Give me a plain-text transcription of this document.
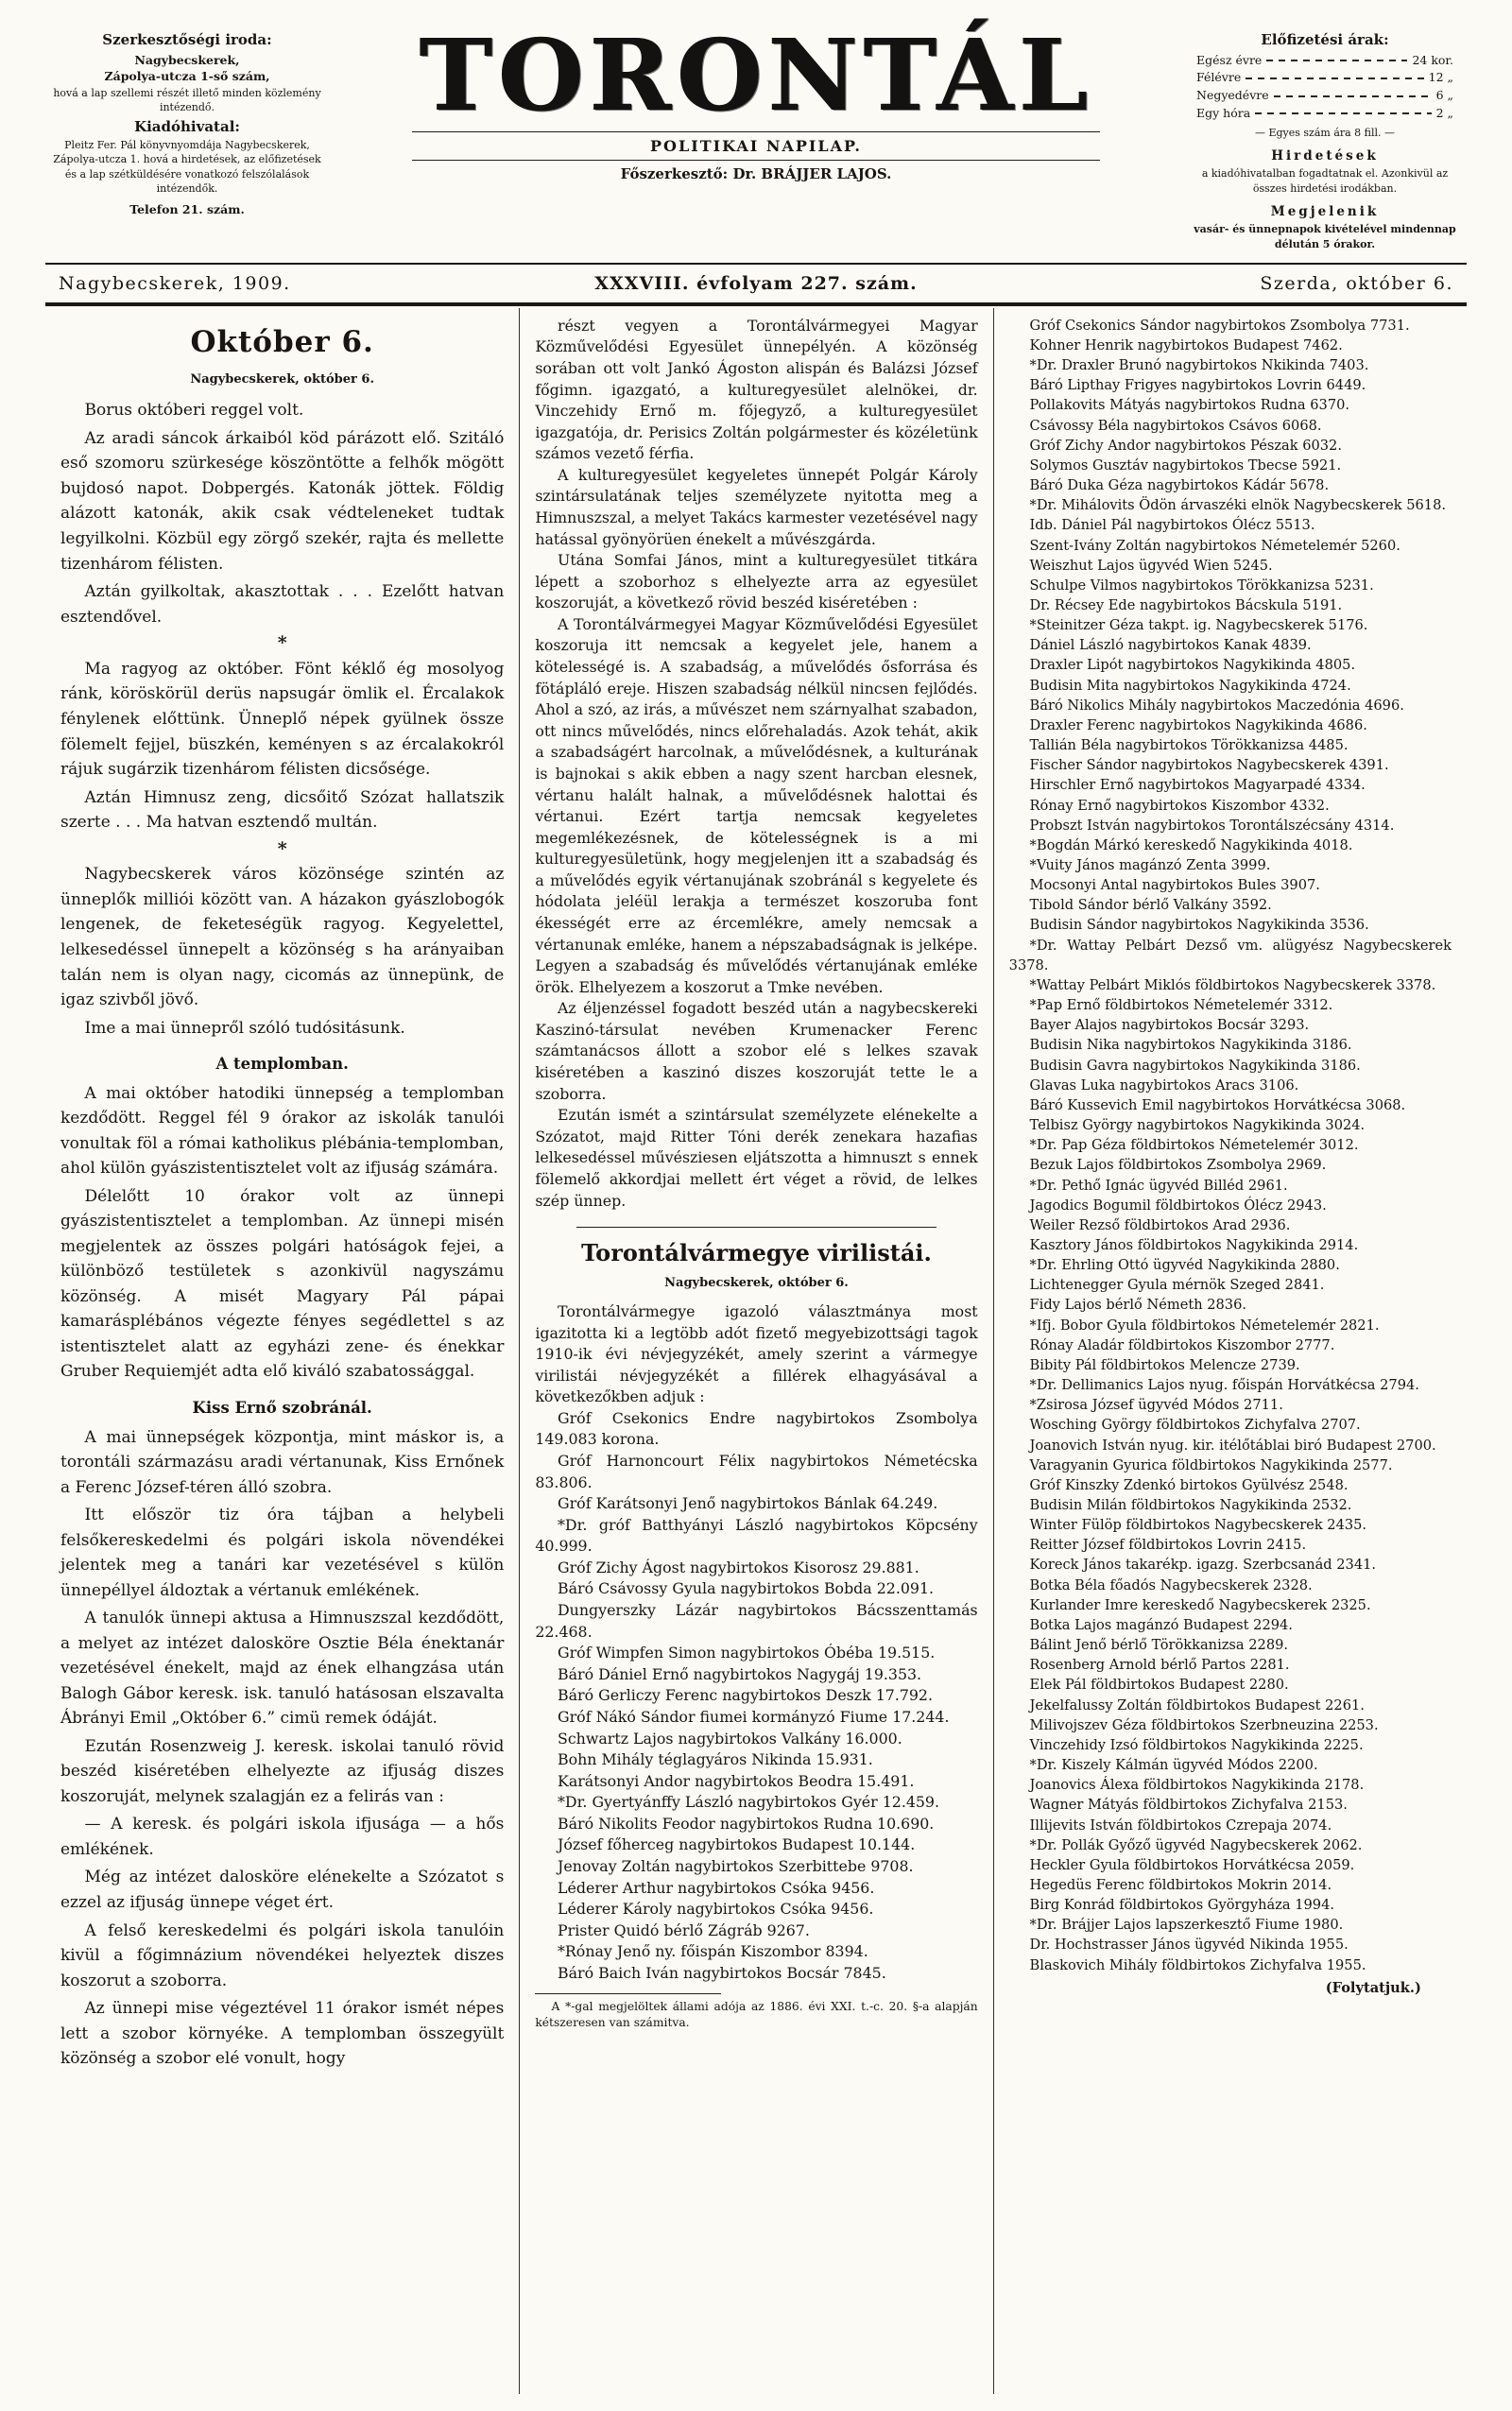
Szerkesztőségi iroda:
Nagybecskerek,
Zápolya-utcza 1-ső szám,
hová a lap szellemi részét illető minden közlemény intézendő.
Kiadóhivatal:
Pleitz Fer. Pál könyvnyomdája Nagybecskerek, Zápolya-utcza 1. hová a hirdetések, az előfizetések és a lap szétküldésére vonatkozó felszólalások intézendők.
Telefon 21. szám.
TORONTÁL
POLITIKAI NAPILAP.
Főszerkesztő: Dr. BRÁJJER LAJOS.
Előfizetési árak:
Egész évre	24 kor.
Félévre	12 „
Negyedévre	6 „
Egy hóra	2 „
— Egyes szám ára 8 fill. —
Hirdetések
a kiadóhivatalban fogadtatnak el. Azonkivül az összes hirdetési irodákban.
Megjelenik
vasár- és ünnepnapok kivételével mindennap délután 5 órakor.
Nagybecskerek, 1909.	XXXVIII. évfolyam 227. szám.	Szerda, október 6.
Október 6.
Nagybecskerek, október 6.

Borus októberi reggel volt.

Az aradi sáncok árkaiból köd párázott elő. Szitáló eső szomoru szürkesége köszöntötte a felhők mögött bujdosó napot. Dobpergés. Katonák jöttek. Földig alázott katonák, akik csak védteleneket tudtak legyilkolni. Közbül egy zörgő szekér, rajta és mellette tizenhárom félisten.

Aztán gyilkoltak, akasztottak . . . Ezelőtt hatvan esztendővel.

*

Ma ragyog az október. Fönt kéklő ég mosolyog ránk, köröskörül derüs napsugár ömlik el. Ércalakok fénylenek előttünk. Ünneplő népek gyülnek össze fölemelt fejjel, büszkén, keményen s az ércalakokról rájuk sugárzik tizenhárom félisten dicsősége.

Aztán Himnusz zeng, dicsőitő Szózat hallatszik szerte . . . Ma hatvan esztendő multán.

*

Nagybecskerek város közönsége szintén az ünneplők milliói között van. A házakon gyászlobogók lengenek, de feketeségük ragyog. Kegyelettel, lelkesedéssel ünnepelt a közönség s ha arányaiban talán nem is olyan nagy, cicomás az ünnepünk, de igaz szivből jövő.

Ime a mai ünnepről szóló tudósitásunk.

A templomban.

A mai október hatodiki ünnepség a templomban kezdődött. Reggel fél 9 órakor az iskolák tanulói vonultak föl a római katholikus plébánia-templomban, ahol külön gyászistentisztelet volt az ifjuság számára.

Délelőtt 10 órakor volt az ünnepi gyászistentisztelet a templomban. Az ünnepi misén megjelentek az összes polgári hatóságok fejei, a különböző testületek s azonkivül nagyszámu közönség. A misét Magyary Pál pápai kamarásplébános végezte fényes segédlettel s az istentisztelet alatt az egyházi zene- és énekkar Gruber Requiemjét adta elő kiváló szabatossággal.

Kiss Ernő szobránál.

A mai ünnepségek központja, mint máskor is, a torontáli származásu aradi vértanunak, Kiss Ernőnek a Ferenc József-téren álló szobra.

Itt először tiz óra tájban a helybeli felsőkereskedelmi és polgári iskola növendékei jelentek meg a tanári kar vezetésével s külön ünnepéllyel áldoztak a vértanuk emlékének.

A tanulók ünnepi aktusa a Himnuszszal kezdődött, a melyet az intézet dalosköre Osztie Béla énektanár vezetésével énekelt, majd az ének elhangzása után Balogh Gábor keresk. isk. tanuló hatásosan elszavalta Ábrányi Emil „Október 6.” cimü remek ódáját.

Ezután Rosenzweig J. keresk. iskolai tanuló rövid beszéd kiséretében elhelyezte az ifjuság diszes koszoruját, melynek szalagján ez a felirás van :

— A keresk. és polgári iskola ifjusága — a hős emlékének.

Még az intézet dalosköre elénekelte a Szózatot s ezzel az ifjuság ünnepe véget ért.

A felső kereskedelmi és polgári iskola tanulóin kivül a főgimnázium növendékei helyeztek diszes koszorut a szoborra.

Az ünnepi mise végeztével 11 órakor ismét népes lett a szobor környéke. A templomban összegyült közönség a szobor elé vonult, hogy

részt vegyen a Torontálvármegyei Magyar Közművelődési Egyesület ünnepélyén. A közönség sorában ott volt Jankó Ágoston alispán és Balázsi József főgimn. igazgató, a kulturegyesület alelnökei, dr. Vinczehidy Ernő m. főjegyző, a kulturegyesület igazgatója, dr. Perisics Zoltán polgármester és közéletünk számos vezető férfia.

A kulturegyesület kegyeletes ünnepét Polgár Károly szintársulatának teljes személyzete nyitotta meg a Himnuszszal, a melyet Takács karmester vezetésével nagy hatással gyönyörüen énekelt a művészgárda.

Utána Somfai János, mint a kulturegyesület titkára lépett a szoborhoz s elhelyezte arra az egyesület koszoruját, a következő rövid beszéd kiséretében :

A Torontálvármegyei Magyar Közművelődési Egyesület koszoruja itt nemcsak a kegyelet jele, hanem a kötelességé is. A szabadság, a művelődés ősforrása és fötápláló ereje. Hiszen szabadság nélkül nincsen fejlődés. Ahol a szó, az irás, a művészet nem szárnyalhat szabadon, ott nincs művelődés, nincs előrehaladás. Azok tehát, akik a szabadságért harcolnak, a művelődésnek, a kulturának is bajnokai s akik ebben a nagy szent harcban elesnek, vértanu halált halnak, a művelődésnek halottai és vértanui. Ezért tartja nemcsak kegyeletes megemlékezésnek, de kötelességnek is a mi kulturegyesületünk, hogy megjelenjen itt a szabadság és a művelődés egyik vértanujának szobránál s kegyelete és hódolata jeléül lerakja a természet koszoruba font ékességét erre az ércemlékre, amely nemcsak a vértanunak emléke, hanem a népszabadságnak is jelképe. Legyen a szabadság és művelődés vértanujának emléke örök. Elhelyezem a koszorut a Tmke nevében.

Az éljenzéssel fogadott beszéd után a nagybecskereki Kaszinó-társulat nevében Krumenacker Ferenc számtanácsos állott a szobor elé s lelkes szavak kiséretében a kaszinó diszes koszoruját tette le a szoborra.

Ezután ismét a szintársulat személyzete elénekelte a Szózatot, majd Ritter Tóni derék zenekara hazafias lelkesedéssel művésziesen eljátszotta a himnuszt s ennek fölemelő akkordjai mellett ért véget a rövid, de lelkes szép ünnep.

Torontálvármegye virilistái.
Nagybecskerek, október 6.

Torontálvármegye igazoló választmánya most igazitotta ki a legtöbb adót fizető megyebizottsági tagok 1910-ik évi névjegyzékét, amely szerint a vármegye virilistái névjegyzékét a fillérek elhagyásával a következőkben adjuk :

Gróf Csekonics Endre nagybirtokos Zsombolya 149.083 korona.

Gróf Harnoncourt Félix nagybirtokos Németécska 83.806.

Gróf Karátsonyi Jenő nagybirtokos Bánlak 64.249.

*Dr. gróf Batthyányi László nagybirtokos Köpcsény 40.999.

Gróf Zichy Ágost nagybirtokos Kisorosz 29.881.

Báró Csávossy Gyula nagybirtokos Bobda 22.091.

Dungyerszky Lázár nagybirtokos Bácsszenttamás 22.468.

Gróf Wimpfen Simon nagybirtokos Óbéba 19.515.

Báró Dániel Ernő nagybirtokos Nagygáj 19.353.

Báró Gerliczy Ferenc nagybirtokos Deszk 17.792.

Gróf Nákó Sándor fiumei kormányzó Fiume 17.244.

Schwartz Lajos nagybirtokos Valkány 16.000.

Bohn Mihály téglagyáros Nikinda 15.931.

Karátsonyi Andor nagybirtokos Beodra 15.491.

*Dr. Gyertyánffy László nagybirtokos Gyér 12.459.

Báró Nikolits Feodor nagybirtokos Rudna 10.690.

József főherceg nagybirtokos Budapest 10.144.

Jenovay Zoltán nagybirtokos Szerbittebe 9708.

Léderer Arthur nagybirtokos Csóka 9456.

Léderer Károly nagybirtokos Csóka 9456.

Prister Quidó bérlő Zágráb 9267.

*Rónay Jenő ny. főispán Kiszombor 8394.

Báró Baich Iván nagybirtokos Bocsár 7845.

A *-gal megjelöltek állami adója az 1886. évi XXI. t.-c. 20. §-a alapján kétszeresen van számitva.

Gróf Csekonics Sándor nagybirtokos Zsombolya 7731.

Kohner Henrik nagybirtokos Budapest 7462.

*Dr. Draxler Brunó nagybirtokos Nkikinda 7403.

Báró Lipthay Frigyes nagybirtokos Lovrin 6449.

Pollakovits Mátyás nagybirtokos Rudna 6370.

Csávossy Béla nagybirtokos Csávos 6068.

Gróf Zichy Andor nagybirtokos Pészak 6032.

Solymos Gusztáv nagybirtokos Tbecse 5921.

Báró Duka Géza nagybirtokos Kádár 5678.

*Dr. Mihálovits Ödön árvaszéki elnök Nagybecskerek 5618.

Idb. Dániel Pál nagybirtokos Ólécz 5513.

Szent-Ivány Zoltán nagybirtokos Németelemér 5260.

Weiszhut Lajos ügyvéd Wien 5245.

Schulpe Vilmos nagybirtokos Törökkanizsa 5231.

Dr. Récsey Ede nagybirtokos Bácskula 5191.

*Steinitzer Géza takpt. ig. Nagybecskerek 5176.

Dániel László nagybirtokos Kanak 4839.

Draxler Lipót nagybirtokos Nagykikinda 4805.

Budisin Mita nagybirtokos Nagykikinda 4724.

Báró Nikolics Mihály nagybirtokos Maczedónia 4696.

Draxler Ferenc nagybirtokos Nagykikinda 4686.

Tallián Béla nagybirtokos Törökkanizsa 4485.

Fischer Sándor nagybirtokos Nagybecskerek 4391.

Hirschler Ernő nagybirtokos Magyarpadé 4334.

Rónay Ernő nagybirtokos Kiszombor 4332.

Probszt István nagybirtokos Torontálszécsány 4314.

*Bogdán Márkó kereskedő Nagykikinda 4018.

*Vuity János magánzó Zenta 3999.

Mocsonyi Antal nagybirtokos Bules 3907.

Tibold Sándor bérlő Valkány 3592.

Budisin Sándor nagybirtokos Nagykikinda 3536.

*Dr. Wattay Pelbárt Dezső vm. alügyész Nagybecskerek 3378.

*Wattay Pelbárt Miklós földbirtokos Nagybecskerek 3378.

*Pap Ernő földbirtokos Németelemér 3312.

Bayer Alajos nagybirtokos Bocsár 3293.

Budisin Nika nagybirtokos Nagykikinda 3186.

Budisin Gavra nagybirtokos Nagykikinda 3186.

Glavas Luka nagybirtokos Aracs 3106.

Báró Kussevich Emil nagybirtokos Horvátkécsa 3068.

Telbisz György nagybirtokos Nagykikinda 3024.

*Dr. Pap Géza földbirtokos Németelemér 3012.

Bezuk Lajos földbirtokos Zsombolya 2969.

*Dr. Pethő Ignác ügyvéd Billéd 2961.

Jagodics Bogumil földbirtokos Ólécz 2943.

Weiler Rezső földbirtokos Arad 2936.

Kasztory János földbirtokos Nagykikinda 2914.

*Dr. Ehrling Ottó ügyvéd Nagykikinda 2880.

Lichtenegger Gyula mérnök Szeged 2841.

Fidy Lajos bérlő Németh 2836.

*Ifj. Bobor Gyula földbirtokos Németelemér 2821.

Rónay Aladár földbirtokos Kiszombor 2777.

Bibity Pál földbirtokos Melencze 2739.

*Dr. Dellimanics Lajos nyug. főispán Horvátkécsa 2794.

*Zsirosa József ügyvéd Módos 2711.

Wosching György földbirtokos Zichyfalva 2707.

Joanovich István nyug. kir. itélőtáblai biró Budapest 2700.

Varagyanin Gyurica földbirtokos Nagykikinda 2577.

Gróf Kinszky Zdenkó birtokos Gyülvész 2548.

Budisin Milán földbirtokos Nagykikinda 2532.

Winter Fülöp földbirtokos Nagybecskerek 2435.

Reitter József földbirtokos Lovrin 2415.

Koreck János takarékp. igazg. Szerbcsanád 2341.

Botka Béla főadós Nagybecskerek 2328.

Kurlander Imre kereskedő Nagybecskerek 2325.

Botka Lajos magánzó Budapest 2294.

Bálint Jenő bérlő Törökkanizsa 2289.

Rosenberg Arnold bérlő Partos 2281.

Elek Pál földbirtokos Budapest 2280.

Jekelfalussy Zoltán földbirtokos Budapest 2261.

Milivojszev Géza földbirtokos Szerbneuzina 2253.

Vinczehidy Izsó földbirtokos Nagykikinda 2225.

*Dr. Kiszely Kálmán ügyvéd Módos 2200.

Joanovics Álexa földbirtokos Nagykikinda 2178.

Wagner Mátyás földbirtokos Zichyfalva 2153.

Illijevits István földbirtokos Czrepaja 2074.

*Dr. Pollák Győző ügyvéd Nagybecskerek 2062.

Heckler Gyula földbirtokos Horvátkécsa 2059.

Hegedüs Ferenc földbirtokos Mokrin 2014.

Birg Konrád földbirtokos Györgyháza 1994.

*Dr. Brájjer Lajos lapszerkesztő Fiume 1980.

Dr. Hochstrasser János ügyvéd Nikinda 1955.

Blaskovich Mihály földbirtokos Zichyfalva 1955.

(Folytatjuk.)
